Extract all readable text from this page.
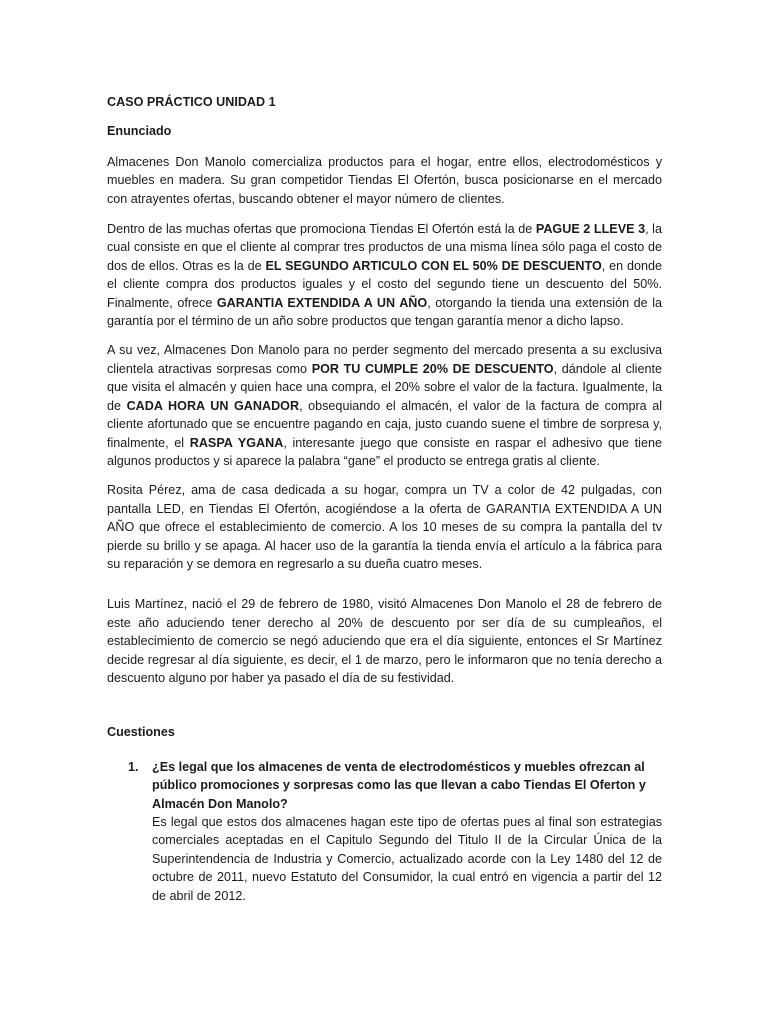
CASO PRÁCTICO UNIDAD 1

Enunciado

Almacenes Don Manolo comercializa productos para el hogar, entre ellos, electrodomésticos y muebles en madera. Su gran competidor Tiendas El Ofertón, busca posicionarse en el mercado con atrayentes ofertas, buscando obtener el mayor número de clientes.

Dentro de las muchas ofertas que promociona Tiendas El Ofertón está la de PAGUE 2 LLEVE 3, la cual consiste en que el cliente al comprar tres productos de una misma línea sólo paga el costo de dos de ellos. Otras es la de EL SEGUNDO ARTICULO CON EL 50% DE DESCUENTO, en donde el cliente compra dos productos iguales y el costo del segundo tiene un descuento del 50%. Finalmente, ofrece GARANTIA EXTENDIDA A UN AÑO, otorgando la tienda una extensión de la garantía por el término de un año sobre productos que tengan garantía menor a dicho lapso.

A su vez, Almacenes Don Manolo para no perder segmento del mercado presenta a su exclusiva clientela atractivas sorpresas como POR TU CUMPLE 20% DE DESCUENTO, dándole al cliente que visita el almacén y quien hace una compra, el 20% sobre el valor de la factura. Igualmente, la de CADA HORA UN GANADOR, obsequiando el almacén, el valor de la factura de compra al cliente afortunado que se encuentre pagando en caja, justo cuando suene el timbre de sorpresa y, finalmente, el RASPA YGANA, interesante juego que consiste en raspar el adhesivo que tiene algunos productos y si aparece la palabra “gane” el producto se entrega gratis al cliente.

Rosita Pérez, ama de casa dedicada a su hogar, compra un TV a color de 42 pulgadas, con pantalla LED, en Tiendas El Ofertón, acogiéndose a la oferta de GARANTIA EXTENDIDA A UN AÑO que ofrece el establecimiento de comercio. A los 10 meses de su compra la pantalla del tv pierde su brillo y se apaga. Al hacer uso de la garantía la tienda envía el artículo a la fábrica para su reparación y se demora en regresarlo a su dueña cuatro meses.

Luis Martínez, nació el 29 de febrero de 1980, visitó Almacenes Don Manolo el 28 de febrero de este año aduciendo tener derecho al 20% de descuento por ser día de su cumpleaños, el establecimiento de comercio se negó aduciendo que era el día siguiente, entonces el Sr Martínez decide regresar al día siguiente, es decir, el 1 de marzo, pero le informaron que no tenía derecho a descuento alguno por haber ya pasado el día de su festividad.

Cuestiones

1. ¿Es legal que los almacenes de venta de electrodomésticos y muebles ofrezcan al público promociones y sorpresas como las que llevan a cabo Tiendas El Oferton y Almacén Don Manolo?

Es legal que estos dos almacenes hagan este tipo de ofertas pues al final son estrategias comerciales aceptadas en el Capitulo Segundo del Titulo II de la Circular Única de la Superintendencia de Industria y Comercio, actualizado acorde con la Ley 1480 del 12 de octubre de 2011, nuevo Estatuto del Consumidor, la cual entró en vigencia a partir del 12 de abril de 2012.
